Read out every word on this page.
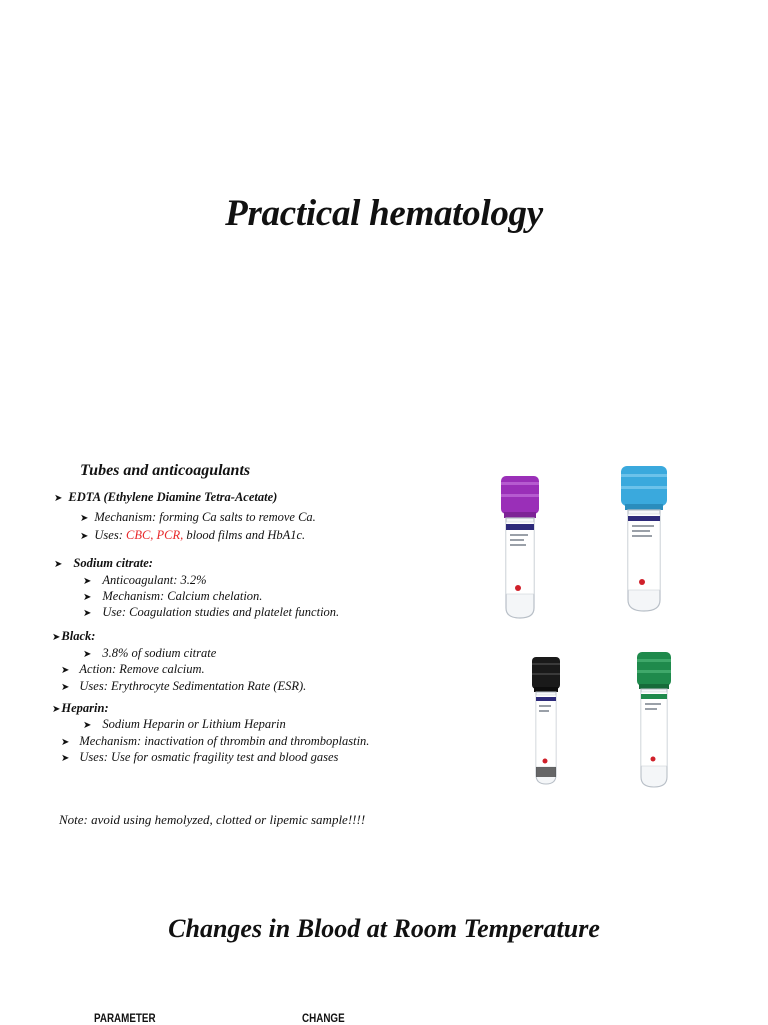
Practical hematology
Tubes and anticoagulants
➤ EDTA (Ethylene Diamine Tetra-Acetate)
➤ Mechanism: forming Ca salts to remove Ca.
➤ Uses: CBC, PCR, blood films and HbA1c.
➤ Sodium citrate:
➤ Anticoagulant: 3.2%
➤ Mechanism: Calcium chelation.
➤ Use: Coagulation studies and platelet function.
➤Black:
➤ 3.8% of sodium citrate
➤ Action: Remove calcium.
➤ Uses: Erythrocyte Sedimentation Rate (ESR).
➤Heparin:
➤ Sodium Heparin or Lithium Heparin
➤ Mechanism: inactivation of thrombin and thromboplastin.
➤ Uses: Use for osmatic fragility test and blood gases
Note: avoid using hemolyzed, clotted or lipemic sample!!!!
Changes in Blood at Room Temperature
PARAMETER	CHANGE
